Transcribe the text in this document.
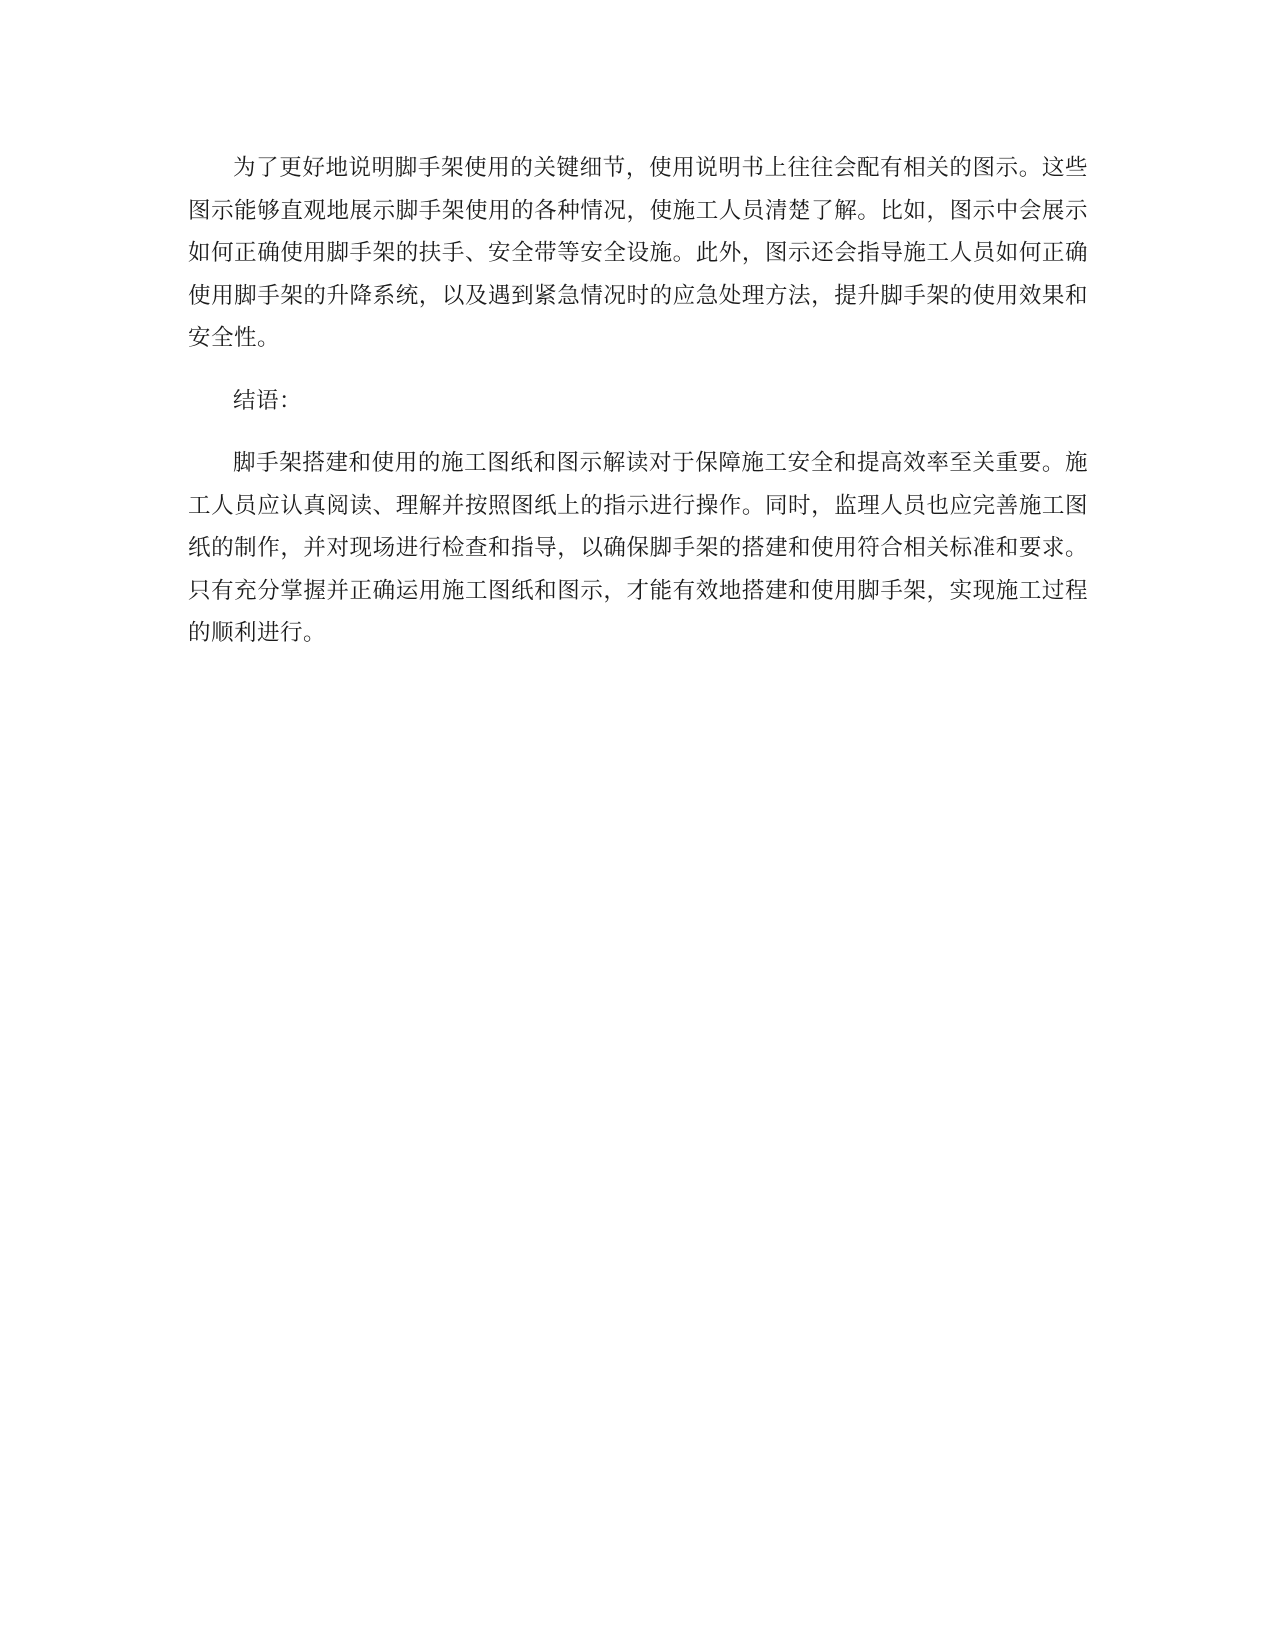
为了更好地说明脚手架使用的关键细节，使用说明书上往往会配有相关的图示。这些图示能够直观地展示脚手架使用的各种情况，使施工人员清楚了解。比如，图示中会展示如何正确使用脚手架的扶手、安全带等安全设施。此外，图示还会指导施工人员如何正确使用脚手架的升降系统，以及遇到紧急情况时的应急处理方法，提升脚手架的使用效果和安全性。

结语：

脚手架搭建和使用的施工图纸和图示解读对于保障施工安全和提高效率至关重要。施工人员应认真阅读、理解并按照图纸上的指示进行操作。同时，监理人员也应完善施工图纸的制作，并对现场进行检查和指导，以确保脚手架的搭建和使用符合相关标准和要求。只有充分掌握并正确运用施工图纸和图示，才能有效地搭建和使用脚手架，实现施工过程的顺利进行。
